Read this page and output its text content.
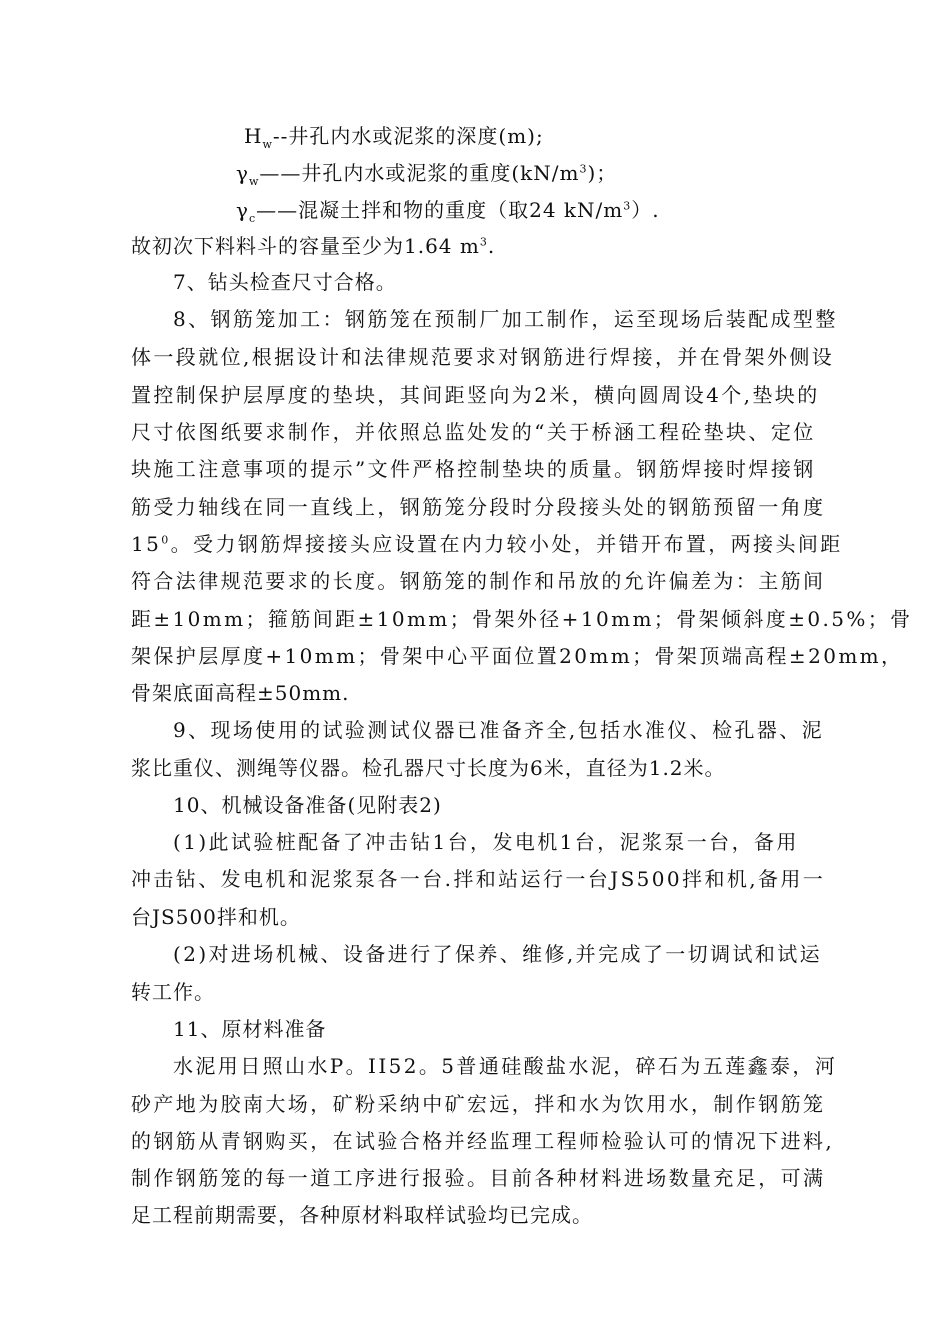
$H_w--$井孔内水或泥浆的深度(m);
$\gamma_w——$井孔内水或泥浆的重度$(kN/m^3)$；
$\gamma_c——$混凝土拌和物的重度（取24 $kN/m^3$）.
故初次下料料斗的容量至少为1.64 $m^3$.
7、钻头检查尺寸合格。
8、钢筋笼加工：钢筋笼在预制厂加工制作，运至现场后装配成型整
体一段就位,根据设计和法律规范要求对钢筋进行焊接，并在骨架外侧设
置控制保护层厚度的垫块，其间距竖向为2米，横向圆周设4个,垫块的
尺寸依图纸要求制作，并依照总监处发的“关于桥涵工程砼垫块、定位
块施工注意事项的提示”文件严格控制垫块的质量。钢筋焊接时焊接钢
筋受力轴线在同一直线上，钢筋笼分段时分段接头处的钢筋预留一角度
$15^0$。受力钢筋焊接接头应设置在内力较小处，并错开布置，两接头间距
符合法律规范要求的长度。钢筋笼的制作和吊放的允许偏差为：主筋间
距±10mm；箍筋间距±10mm；骨架外径+10mm；骨架倾斜度±0.5%；骨
架保护层厚度+10mm；骨架中心平面位置20mm；骨架顶端高程±20mm，
骨架底面高程±50mm.
9、现场使用的试验测试仪器已准备齐全,包括水准仪、检孔器、泥
浆比重仪、测绳等仪器。检孔器尺寸长度为6米，直径为1.2米。
10、机械设备准备(见附表2)
(1)此试验桩配备了冲击钻1台，发电机1台，泥浆泵一台，备用
冲击钻、发电机和泥浆泵各一台.拌和站运行一台JS500拌和机,备用一
台JS500拌和机。
(2)对进场机械、设备进行了保养、维修,并完成了一切调试和试运
转工作。
11、原材料准备
水泥用日照山水P。II52。5普通硅酸盐水泥，碎石为五莲鑫泰，河
砂产地为胶南大场，矿粉采纳中矿宏远，拌和水为饮用水，制作钢筋笼
的钢筋从青钢购买，在试验合格并经监理工程师检验认可的情况下进料,
制作钢筋笼的每一道工序进行报验。目前各种材料进场数量充足，可满
足工程前期需要，各种原材料取样试验均已完成。
